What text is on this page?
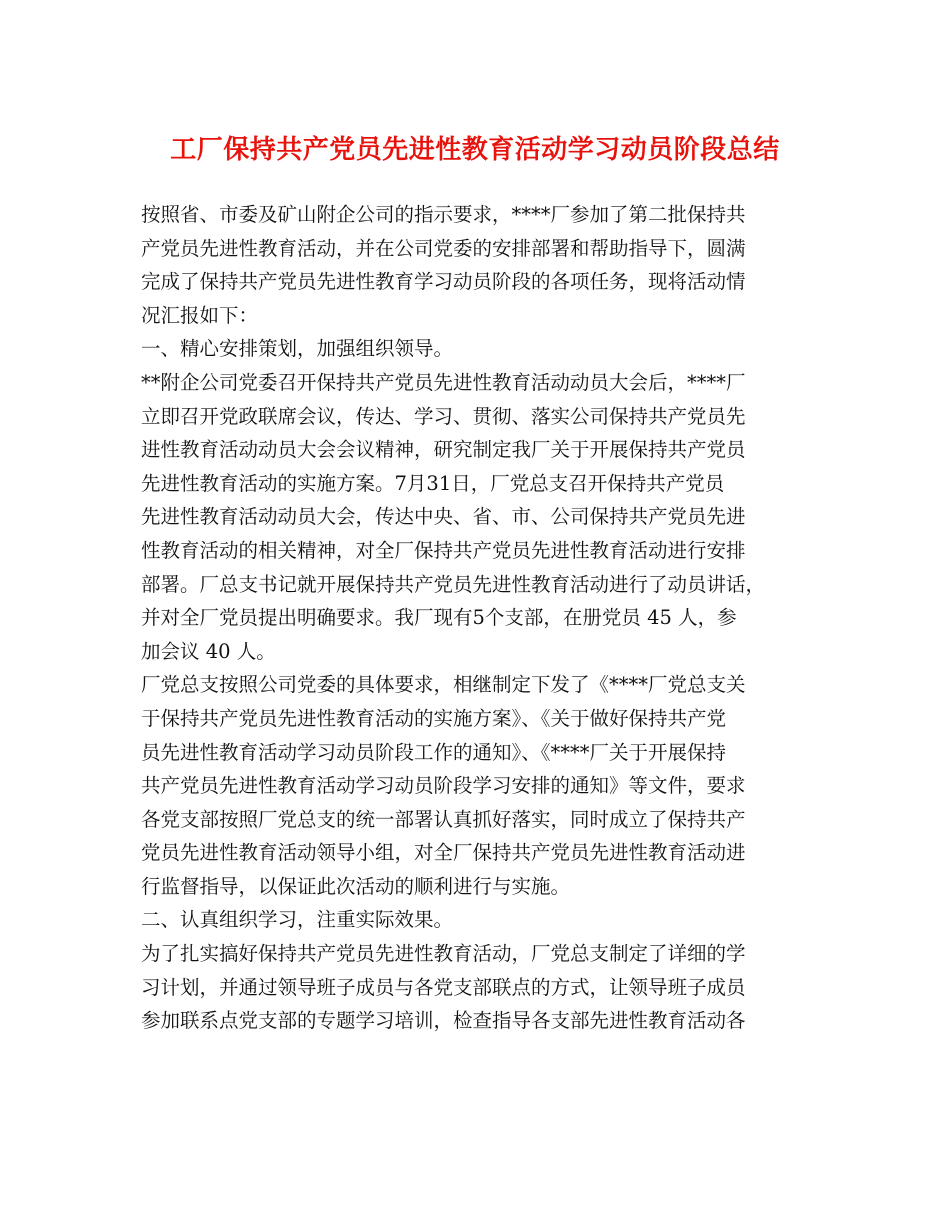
工厂保持共产党员先进性教育活动学习动员阶段总结
按照省、市委及矿山附企公司的指示要求，****厂参加了第二批保持共
产党员先进性教育活动，并在公司党委的安排部署和帮助指导下，圆满
完成了保持共产党员先进性教育学习动员阶段的各项任务，现将活动情
况汇报如下：
一、精心安排策划，加强组织领导。
**附企公司党委召开保持共产党员先进性教育活动动员大会后，****厂
立即召开党政联席会议，传达、学习、贯彻、落实公司保持共产党员先
进性教育活动动员大会会议精神，研究制定我厂关于开展保持共产党员
先进性教育活动的实施方案。7月31日，厂党总支召开保持共产党员
先进性教育活动动员大会，传达中央、省、市、公司保持共产党员先进
性教育活动的相关精神，对全厂保持共产党员先进性教育活动进行安排
部署。厂总支书记就开展保持共产党员先进性教育活动进行了动员讲话，
并对全厂党员提出明确要求。我厂现有5个支部，在册党员 45 人，参
加会议 40 人。
厂党总支按照公司党委的具体要求，相继制定下发了《****厂党总支关
于保持共产党员先进性教育活动的实施方案》、《关于做好保持共产党
员先进性教育活动学习动员阶段工作的通知》、《****厂关于开展保持
共产党员先进性教育活动学习动员阶段学习安排的通知》等文件，要求
各党支部按照厂党总支的统一部署认真抓好落实，同时成立了保持共产
党员先进性教育活动领导小组，对全厂保持共产党员先进性教育活动进
行监督指导，以保证此次活动的顺利进行与实施。
二、认真组织学习，注重实际效果。
为了扎实搞好保持共产党员先进性教育活动，厂党总支制定了详细的学
习计划，并通过领导班子成员与各党支部联点的方式，让领导班子成员
参加联系点党支部的专题学习培训，检查指导各支部先进性教育活动各
